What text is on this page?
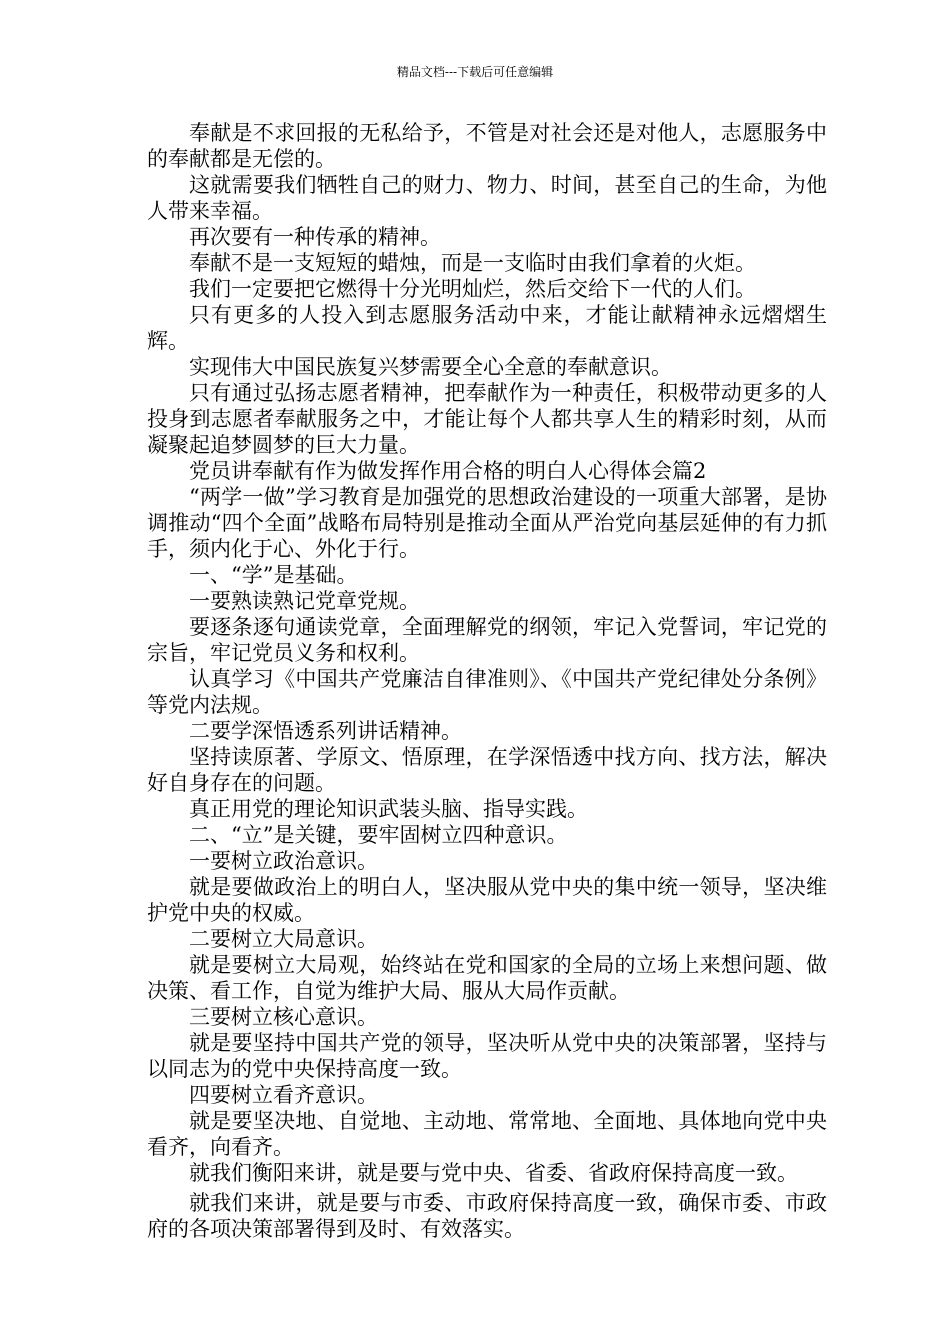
精品文档---下载后可任意编辑

奉献是不求回报的无私给予，不管是对社会还是对他人，志愿服务中的奉献都是无偿的。

这就需要我们牺牲自己的财力、物力、时间，甚至自己的生命，为他人带来幸福。

再次要有一种传承的精神。

奉献不是一支短短的蜡烛，而是一支临时由我们拿着的火炬。

我们一定要把它燃得十分光明灿烂，然后交给下一代的人们。

只有更多的人投入到志愿服务活动中来，才能让献精神永远熠熠生辉。

实现伟大中国民族复兴梦需要全心全意的奉献意识。

只有通过弘扬志愿者精神，把奉献作为一种责任，积极带动更多的人投身到志愿者奉献服务之中，才能让每个人都共享人生的精彩时刻，从而凝聚起追梦圆梦的巨大力量。

党员讲奉献有作为做发挥作用合格的明白人心得体会篇2

“两学一做”学习教育是加强党的思想政治建设的一项重大部署，是协调推动“四个全面”战略布局特别是推动全面从严治党向基层延伸的有力抓手，须内化于心、外化于行。

一、“学”是基础。

一要熟读熟记党章党规。

要逐条逐句通读党章，全面理解党的纲领，牢记入党誓词，牢记党的宗旨，牢记党员义务和权利。

认真学习《中国共产党廉洁自律准则》、《中国共产党纪律处分条例》等党内法规。

二要学深悟透系列讲话精神。

坚持读原著、学原文、悟原理，在学深悟透中找方向、找方法，解决好自身存在的问题。

真正用党的理论知识武装头脑、指导实践。

二、“立”是关键，要牢固树立四种意识。

一要树立政治意识。

就是要做政治上的明白人，坚决服从党中央的集中统一领导，坚决维护党中央的权威。

二要树立大局意识。

就是要树立大局观，始终站在党和国家的全局的立场上来想问题、做决策、看工作，自觉为维护大局、服从大局作贡献。

三要树立核心意识。

就是要坚持中国共产党的领导，坚决听从党中央的决策部署，坚持与以同志为的党中央保持高度一致。

四要树立看齐意识。

就是要坚决地、自觉地、主动地、常常地、全面地、具体地向党中央看齐，向看齐。

就我们衡阳来讲，就是要与党中央、省委、省政府保持高度一致。

就我们来讲，就是要与市委、市政府保持高度一致，确保市委、市政府的各项决策部署得到及时、有效落实。
